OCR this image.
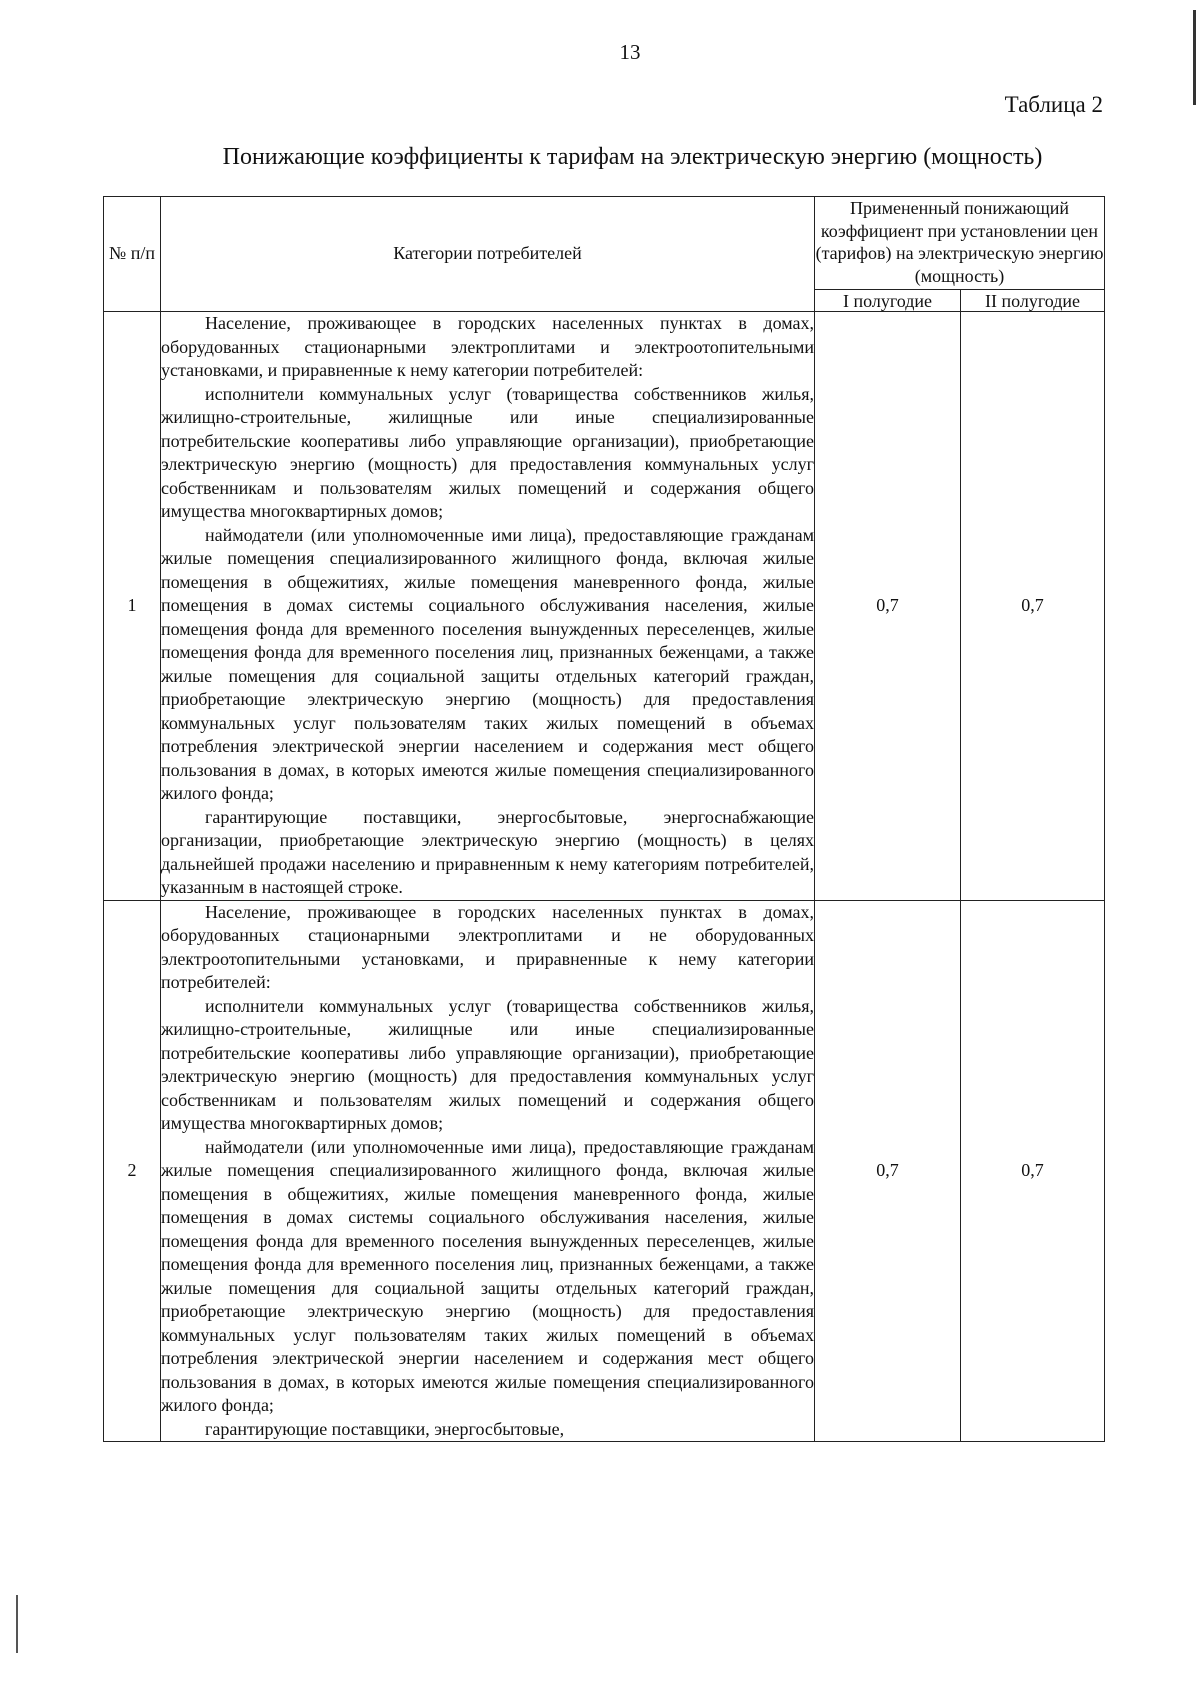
13
Таблица 2
Понижающие коэффициенты к тарифам на электрическую энергию (мощность)
№ п/п	Категории потребителей	Примененный понижающий коэффициент при установлении цен (тарифов) на электрическую энергию (мощность)	
		I полугодие	II полугодие
1	Население, проживающее в городских населенных пунктах в домах, оборудованных стационарными электроплитами и электроотопительными установками, и приравненные к нему категории потребителей:

исполнители коммунальных услуг (товарищества собственников жилья, жилищно-строительные, жилищные или иные специализированные потребительские кооперативы либо управляющие организации), приобретающие электрическую энергию (мощность) для предоставления коммунальных услуг собственникам и пользователям жилых помещений и содержания общего имущества многоквартирных домов;

наймодатели (или уполномоченные ими лица), предоставляющие гражданам жилые помещения специализированного жилищного фонда, включая жилые помещения в общежитиях, жилые помещения маневренного фонда, жилые помещения в домах системы социального обслуживания населения, жилые помещения фонда для временного поселения вынужденных переселенцев, жилые помещения фонда для временного поселения лиц, признанных беженцами, а также жилые помещения для социальной защиты отдельных категорий граждан, приобретающие электрическую энергию (мощность) для предоставления коммунальных услуг пользователям таких жилых помещений в объемах потребления электрической энергии населением и содержания мест общего пользования в домах, в которых имеются жилые помещения специализированного жилого фонда;

гарантирующие поставщики, энергосбытовые, энергоснабжающие организации, приобретающие электрическую энергию (мощность) в целях дальнейшей продажи населению и приравненным к нему категориям потребителей, указанным в настоящей строке.	0,7	0,7
2	Население, проживающее в городских населенных пунктах в домах, оборудованных стационарными электроплитами и не оборудованных электроотопительными установками, и приравненные к нему категории потребителей:

исполнители коммунальных услуг (товарищества собственников жилья, жилищно-строительные, жилищные или иные специализированные потребительские кооперативы либо управляющие организации), приобретающие электрическую энергию (мощность) для предоставления коммунальных услуг собственникам и пользователям жилых помещений и содержания общего имущества многоквартирных домов;

наймодатели (или уполномоченные ими лица), предоставляющие гражданам жилые помещения специализированного жилищного фонда, включая жилые помещения в общежитиях, жилые помещения маневренного фонда, жилые помещения в домах системы социального обслуживания населения, жилые помещения фонда для временного поселения вынужденных переселенцев, жилые помещения фонда для временного поселения лиц, признанных беженцами, а также жилые помещения для социальной защиты отдельных категорий граждан, приобретающие электрическую энергию (мощность) для предоставления коммунальных услуг пользователям таких жилых помещений в объемах потребления электрической энергии населением и содержания мест общего пользования в домах, в которых имеются жилые помещения специализированного жилого фонда;

гарантирующие поставщики, энергосбытовые,	0,7	0,7
